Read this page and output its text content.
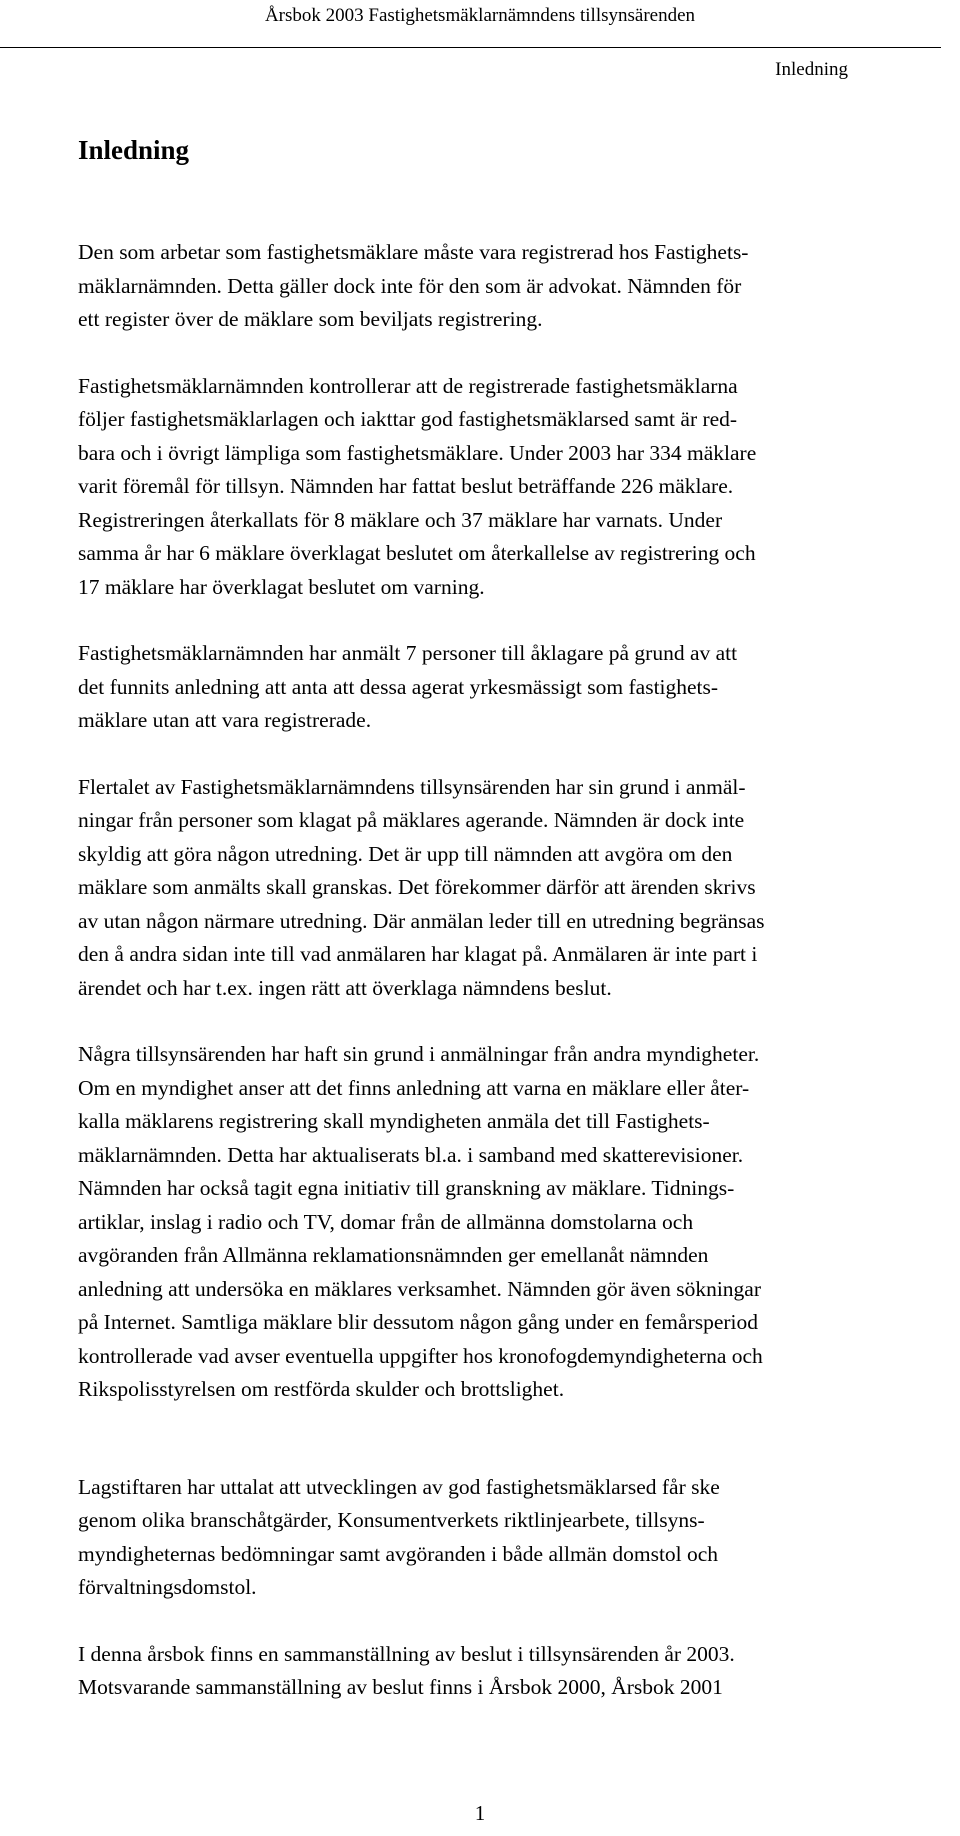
Årsbok 2003 Fastighetsmäklarnämndens tillsynsärenden
Inledning
Inledning

Den som arbetar som fastighetsmäklare måste vara registrerad hos Fastighets-
mäklarnämnden. Detta gäller dock inte för den som är advokat. Nämnden för
ett register över de mäklare som beviljats registrering.

Fastighetsmäklarnämnden kontrollerar att de registrerade fastighetsmäklarna
följer fastighetsmäklarlagen och iakttar god fastighetsmäklarsed samt är red-
bara och i övrigt lämpliga som fastighetsmäklare. Under 2003 har 334 mäklare
varit föremål för tillsyn. Nämnden har fattat beslut beträffande 226 mäklare.
Registreringen återkallats för 8 mäklare och 37 mäklare har varnats. Under
samma år har 6 mäklare överklagat beslutet om återkallelse av registrering och
17 mäklare har överklagat beslutet om varning.

Fastighetsmäklarnämnden har anmält 7 personer till åklagare på grund av att
det funnits anledning att anta att dessa agerat yrkesmässigt som fastighets-
mäklare utan att vara registrerade.

Flertalet av Fastighetsmäklarnämndens tillsynsärenden har sin grund i anmäl-
ningar från personer som klagat på mäklares agerande. Nämnden är dock inte
skyldig att göra någon utredning. Det är upp till nämnden att avgöra om den
mäklare som anmälts skall granskas. Det förekommer därför att ärenden skrivs
av utan någon närmare utredning. Där anmälan leder till en utredning begränsas
den å andra sidan inte till vad anmälaren har klagat på. Anmälaren är inte part i
ärendet och har t.ex. ingen rätt att överklaga nämndens beslut.

Några tillsynsärenden har haft sin grund i anmälningar från andra myndigheter.
Om en myndighet anser att det finns anledning att varna en mäklare eller åter-
kalla mäklarens registrering skall myndigheten anmäla det till Fastighets-
mäklarnämnden. Detta har aktualiserats bl.a. i samband med skatterevisioner.
Nämnden har också tagit egna initiativ till granskning av mäklare. Tidnings-
artiklar, inslag i radio och TV, domar från de allmänna domstolarna och
avgöranden från Allmänna reklamationsnämnden ger emellanåt nämnden
anledning att undersöka en mäklares verksamhet. Nämnden gör även sökningar
på Internet. Samtliga mäklare blir dessutom någon gång under en femårsperiod
kontrollerade vad avser eventuella uppgifter hos kronofogdemyndigheterna och
Rikspolisstyrelsen om restförda skulder och brottslighet.

Lagstiftaren har uttalat att utvecklingen av god fastighetsmäklarsed får ske
genom olika branschåtgärder, Konsumentverkets riktlinjearbete, tillsyns-
myndigheternas bedömningar samt avgöranden i både allmän domstol och
förvaltningsdomstol.

I denna årsbok finns en sammanställning av beslut i tillsynsärenden år 2003.
Motsvarande sammanställning av beslut finns i Årsbok 2000, Årsbok 2001

1
